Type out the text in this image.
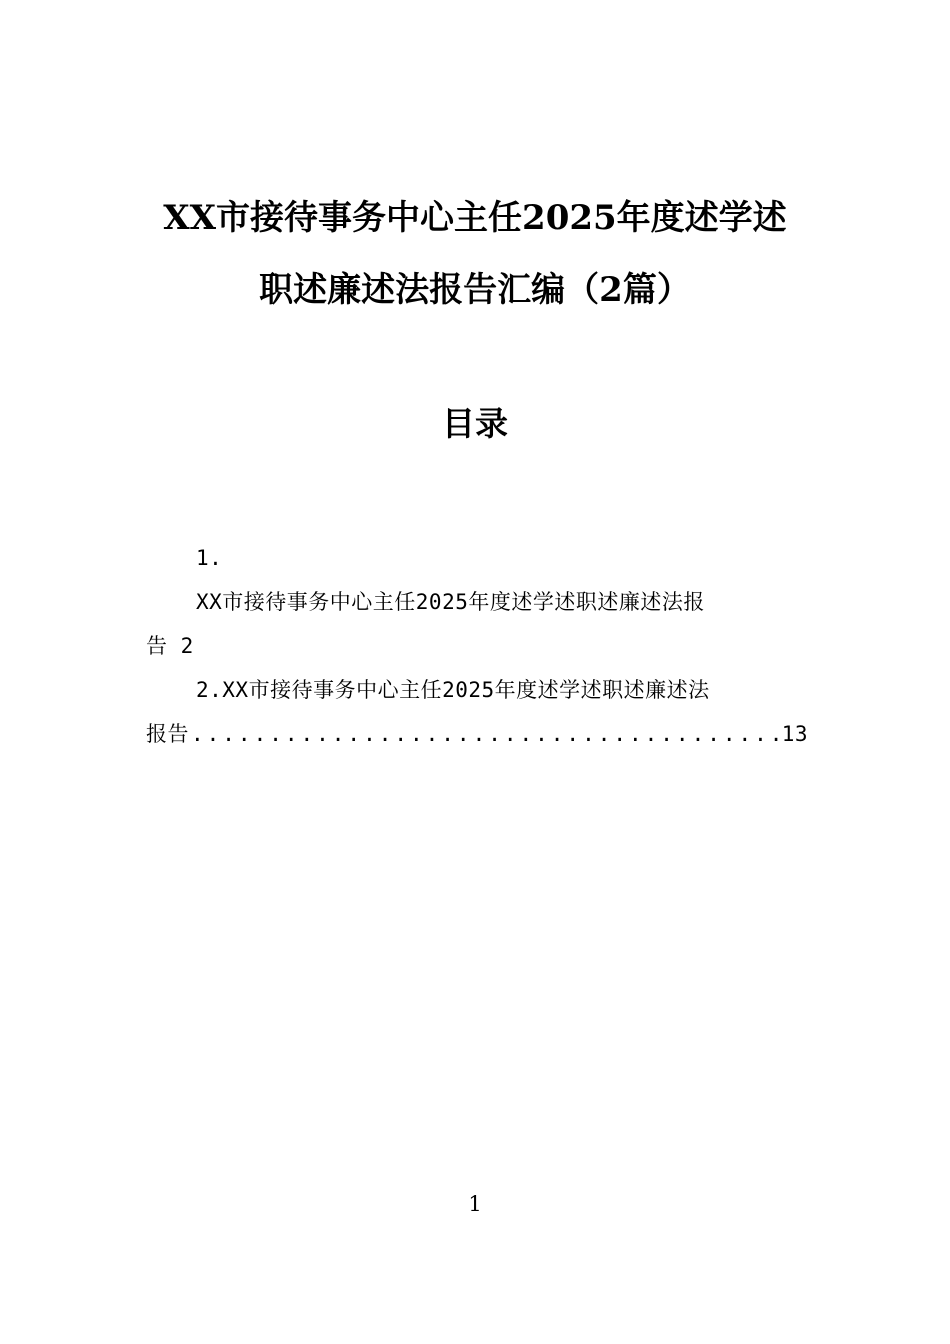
XX市接待事务中心主任2025年度述学述
职述廉述法报告汇编（2篇）
目录
1.
XX市接待事务中心主任2025年度述学述职述廉述法报
告 2
2.XX市接待事务中心主任2025年度述学述职述廉述法
报告
.....	13
1
